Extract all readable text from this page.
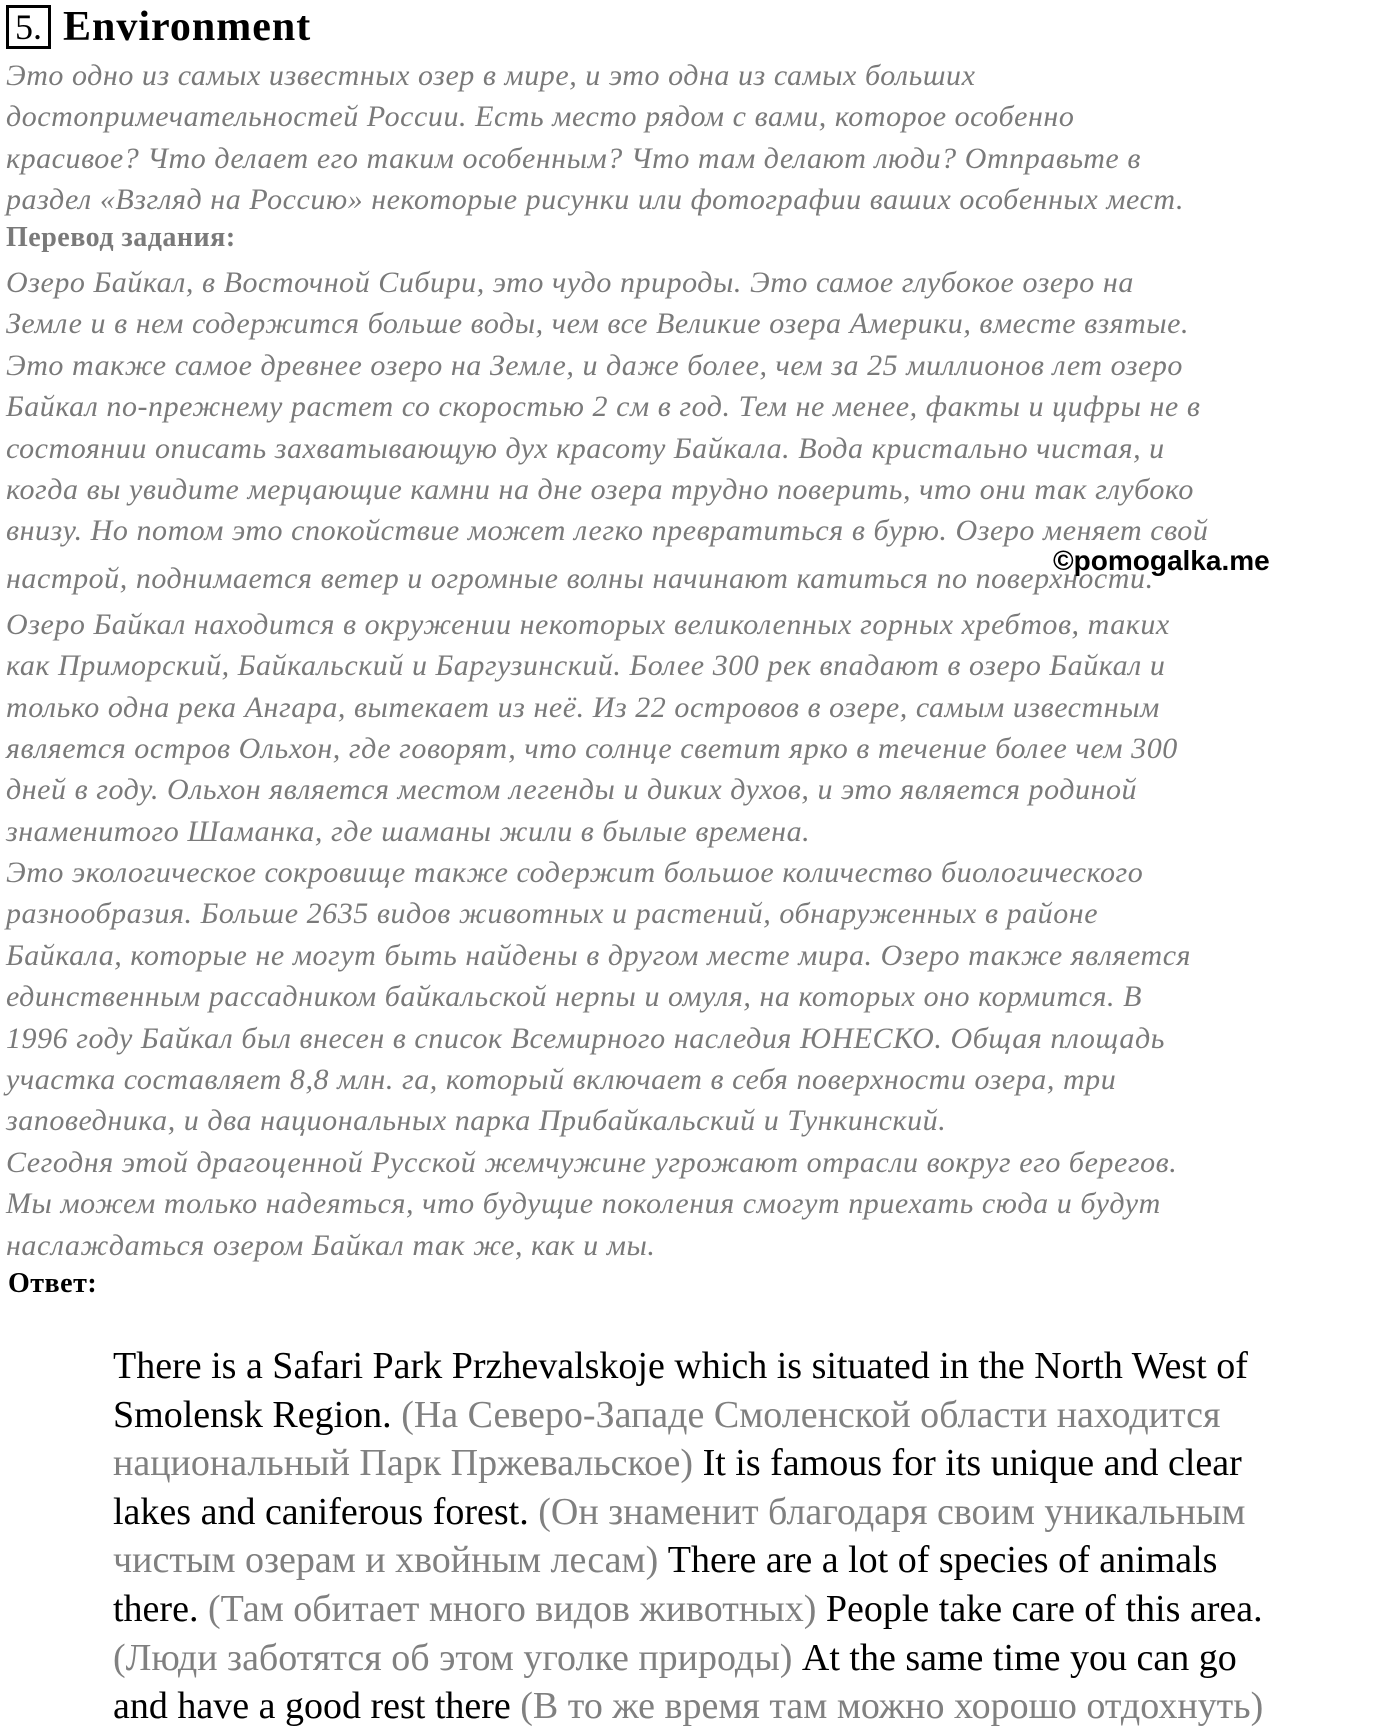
5. Environment
Это одно из самых известных озер в мире, и это одна из самых больших
достопримечательностей России. Есть место рядом с вами, которое особенно
красивое? Что делает его таким особенным? Что там делают люди? Отправьте в
раздел «Взгляд на Россию» некоторые рисунки или фотографии ваших особенных мест.
Перевод задания:
Озеро Байкал, в Восточной Сибири, это чудо природы. Это самое глубокое озеро на
Земле и в нем содержится больше воды, чем все Великие озера Америки, вместе взятые.
Это также самое древнее озеро на Земле, и даже более, чем за 25 миллионов лет озеро
Байкал по-прежнему растет со скоростью 2 см в год. Тем не менее, факты и цифры не в
состоянии описать захватывающую дух красоту Байкала. Вода кристально чистая, и
когда вы увидите мерцающие камни на дне озера трудно поверить, что они так глубоко
внизу. Но потом это спокойствие может легко превратиться в бурю. Озеро меняет свой
настрой, поднимается ветер и огромные волны начинают катиться по поверхности.
Озеро Байкал находится в окружении некоторых великолепных горных хребтов, таких
как Приморский, Байкальский и Баргузинский. Более 300 рек впадают в озеро Байкал и
только одна река Ангара, вытекает из неё. Из 22 островов в озере, самым известным
является остров Ольхон, где говорят, что солнце светит ярко в течение более чем 300
дней в году. Ольхон является местом легенды и диких духов, и это является родиной
знаменитого Шаманка, где шаманы жили в былые времена.
Это экологическое сокровище также содержит большое количество биологического
разнообразия. Больше 2635 видов животных и растений, обнаруженных в районе
Байкала, которые не могут быть найдены в другом месте мира. Озеро также является
единственным рассадником байкальской нерпы и омуля, на которых оно кормится. В
1996 году Байкал был внесен в список Всемирного наследия ЮНЕСКО. Общая площадь
участка составляет 8,8 млн. га, который включает в себя поверхности озера, три
заповедника, и два национальных парка Прибайкальский и Тункинский.
Сегодня этой драгоценной Русской жемчужине угрожают отрасли вокруг его берегов.
Мы можем только надеяться, что будущие поколения смогут приехать сюда и будут
наслаждаться озером Байкал так же, как и мы.
©pomogalka.me
Ответ:
There is a Safari Park Przhevalskoje which is situated in the North West of
Smolensk Region. (На Северо-Западе Смоленской области находится
национальный Парк Пржевальское) It is famous for its unique and clear
lakes and caniferous forest. (Он знаменит благодаря своим уникальным
чистым озерам и хвойным лесам) There are a lot of species of animals
there. (Там обитает много видов животных) People take care of this area.
(Люди заботятся об этом уголке природы) At the same time you can go
and have a good rest there (В то же время там можно хорошо отдохнуть)
